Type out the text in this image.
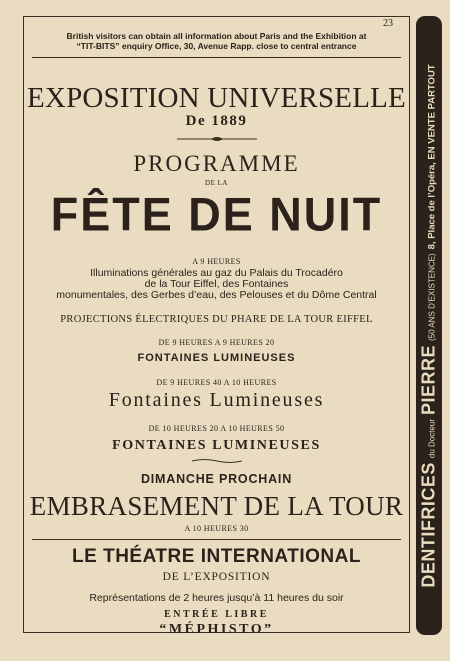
23
British visitors can obtain all information about Paris and the Exhibition at
“TIT-BITS” enquiry Office, 30, Avenue Rapp. close to central entrance
EXPOSITION UNIVERSELLE
De 1889
PROGRAMME
DE LA
FÊTE DE NUIT
A 9 HEURES
Illuminations générales au gaz du Palais du Trocadéro
de la Tour Eiffel, des Fontaines
monumentales, des Gerbes d’eau, des Pelouses et du Dôme Central
PROJECTIONS ÉLECTRIQUES DU PHARE DE LA TOUR EIFFEL
DE 9 HEURES A 9 HEURES 20
FONTAINES LUMINEUSES
DE 9 HEURES 40 A 10 HEURES
Fontaines Lumineuses
DE 10 HEURES 20 A 10 HEURES 50
FONTAINES LUMINEUSES
DIMANCHE PROCHAIN
EMBRASEMENT DE LA TOUR
A 10 HEURES 30
LE THÉATRE INTERNATIONAL
DE L’EXPOSITION
Représentations de 2 heures jusqu’à 11 heures du soir
ENTRÉE LIBRE
“MÉPHISTO”
DENTIFRICES
du Docteur
PIERRE
(50 ANS D’EXISTENCE)
8, Place de l’Opéra, EN VENTE PARTOUT
